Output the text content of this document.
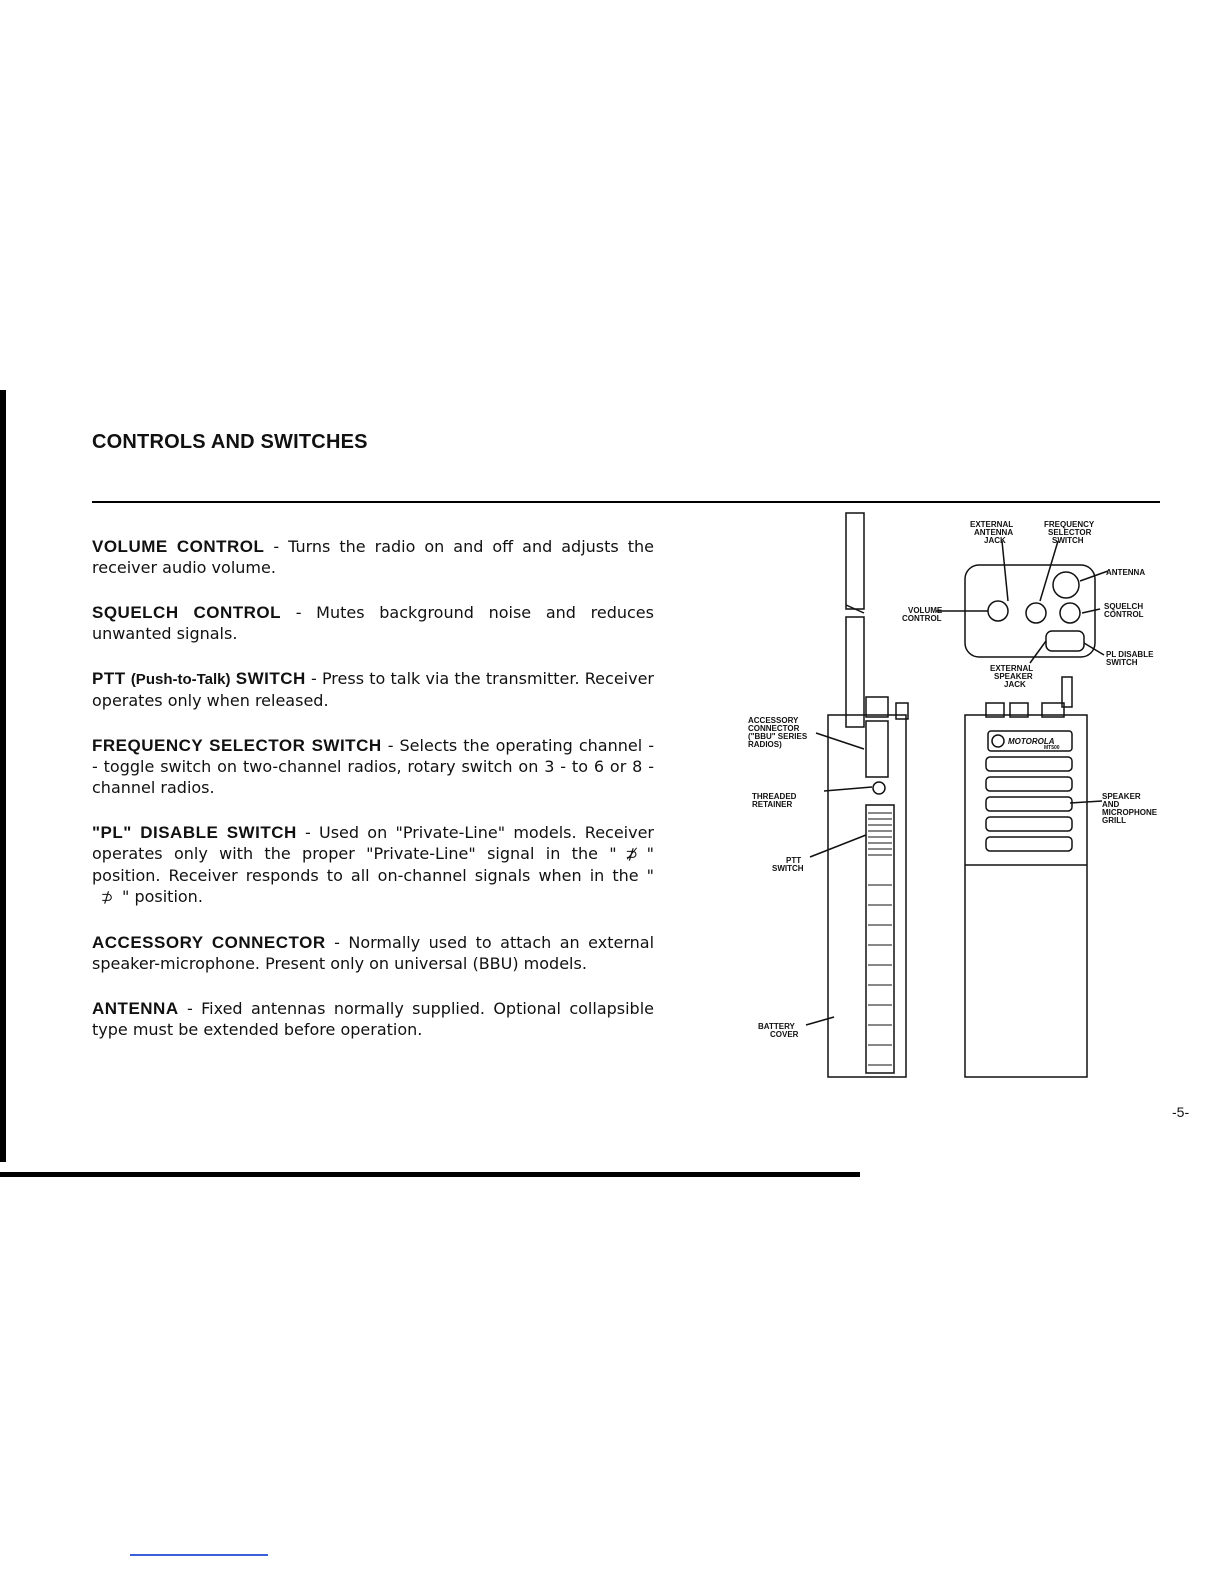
CONTROLS AND SWITCHES

VOLUME CONTROL - Turns the radio on and off and adjusts the receiver audio volume.

SQUELCH CONTROL - Mutes background noise and reduces unwanted signals.

PTT (Push-to-Talk) SWITCH - Press to talk via the transmitter. Receiver operates only when released.

FREQUENCY SELECTOR SWITCH - Selects the operating channel - - toggle switch on two-channel radios, rotary switch on 3 - to 6 or 8 - channel radios.

"PL" DISABLE SWITCH - Used on "Private-Line" models. Receiver operates only with the proper "Private-Line" signal in the " ⊅̸ " position. Receiver responds to all on-channel signals when in the "⊅ " position.

ACCESSORY CONNECTOR - Normally used to attach an external speaker-microphone. Present only on universal (BBU) models.

ANTENNA - Fixed antennas normally supplied. Optional collapsible type must be extended before operation.

EXTERNAL
ANTENNA
JACK
FREQUENCY
SELECTOR
SWITCH
ANTENNA
VOLUME
CONTROL
SQUELCH
CONTROL
PL DISABLE
SWITCH
EXTERNAL
SPEAKER
JACK
ACCESSORY
CONNECTOR
("BBU" SERIES
RADIOS)
THREADED
RETAINER
PTT
SWITCH
BATTERY
COVER
SPEAKER
AND
MICROPHONE
GRILL
MOTOROLA
MT500
-5-
